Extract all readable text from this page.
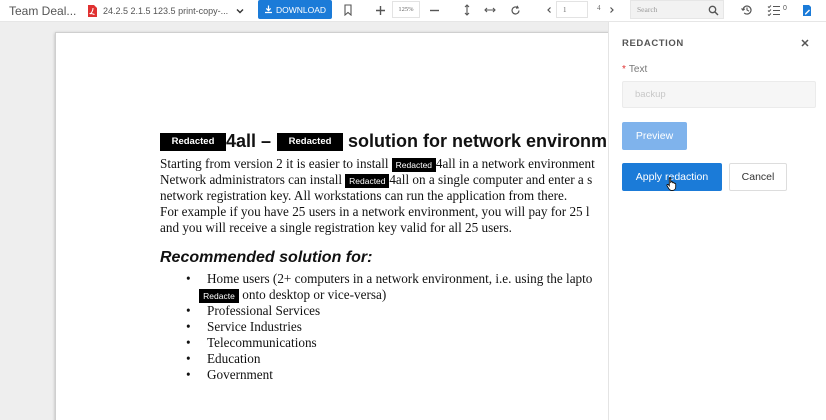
Team Deal...	24.2.5 2.1.5 123.5 print-copy-...	DOWNLOAD	125%	1	4	Search	0
Redacted 4all – Redacted solution for network environm
Starting from version 2 it is easier to install Redacted 4all in a network environment
Network administrators can install Redacted 4all on a single computer and enter a s
network registration key. All workstations can run the application from there.
For example if you have 25 users in a network environment, you will pay for 25 l
and you will receive a single registration key valid for all 25 users.
Recommended solution for:
• Home users (2+ computers in a network environment, i.e. using the lapto
Redacte onto desktop or vice-versa)
• Professional Services
• Service Industries
• Telecommunications
• Education
• Government
REDACTION
* Text
backup
Preview
Apply redaction	Cancel
